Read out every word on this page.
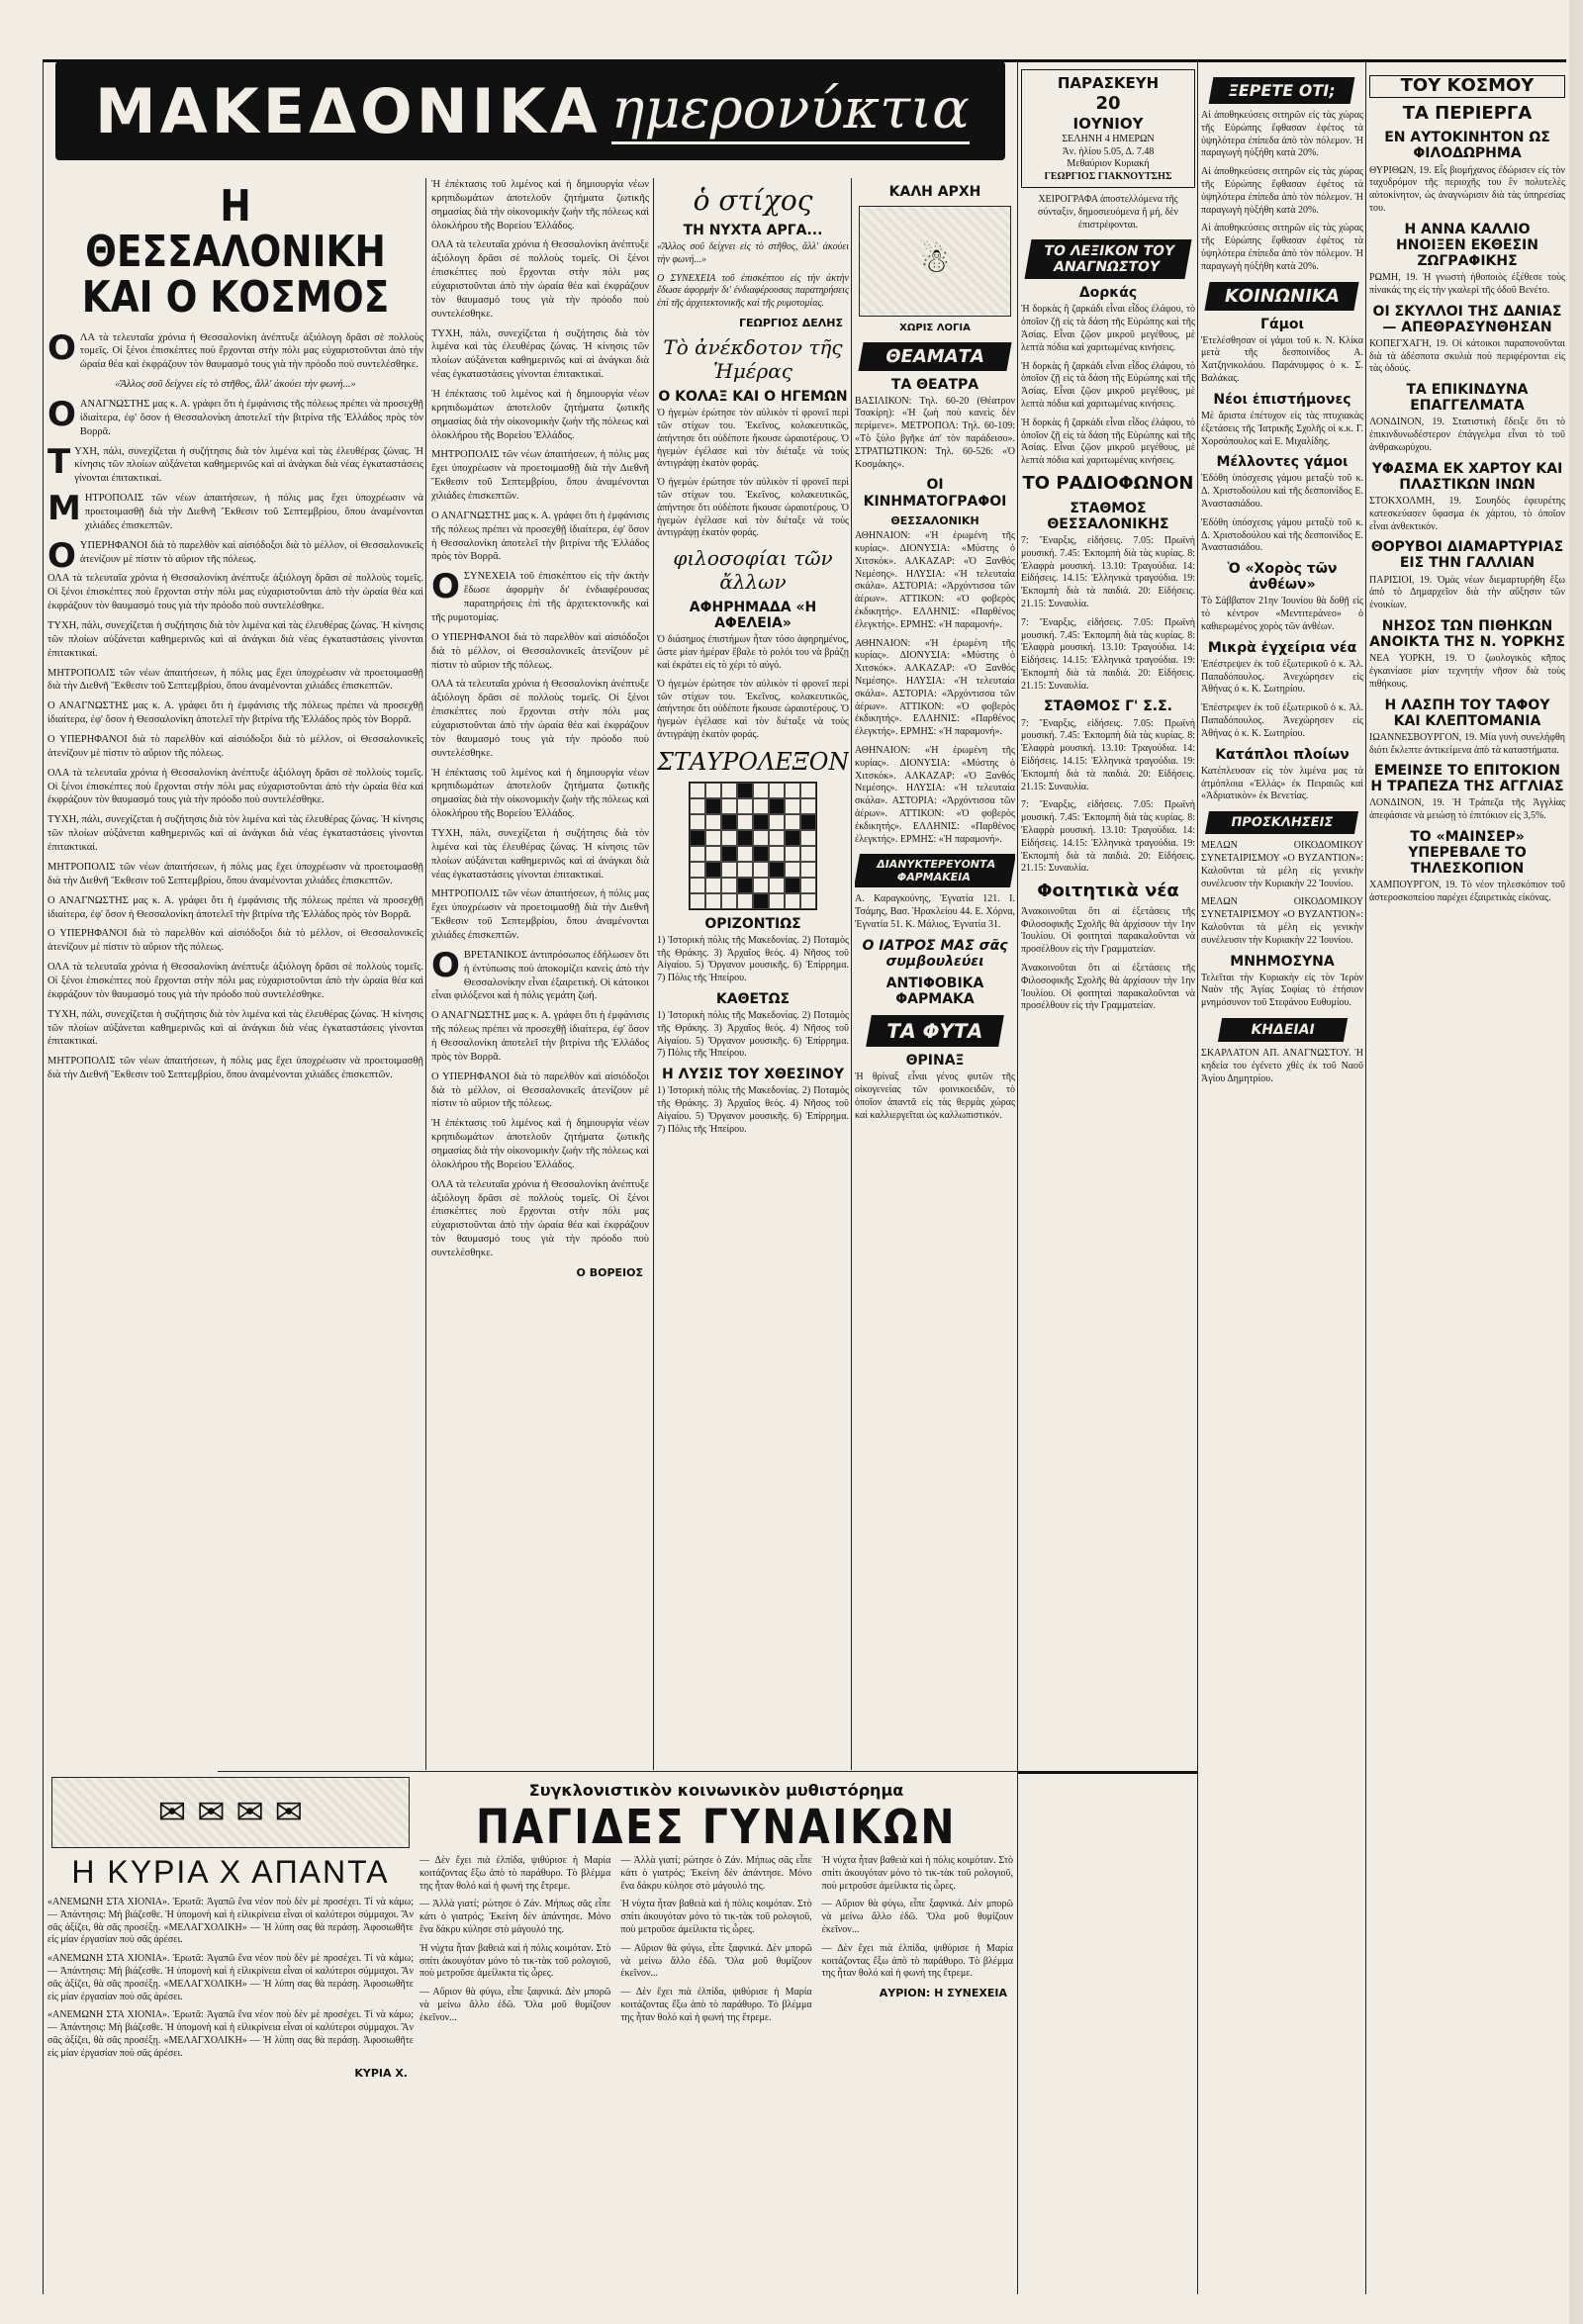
ΜΑΚΕΔΟΝΙΚΑ ημερονύκτια
Η ΘΕΣΣΑΛΟΝΙΚΗ ΚΑΙ Ο ΚΟΣΜΟΣ

ΟΛΑ τὰ τελευταῖα χρόνια ἡ Θεσσαλονίκη ἀνέπτυξε ἀξιόλογη δρᾶσι σὲ πολλοὺς τομεῖς. Οἱ ξένοι ἐπισκέπτες ποὺ ἔρχονται στὴν πόλι μας εὐχαριστοῦνται ἀπὸ τὴν ὡραία θέα καὶ ἐκφράζουν τὸν θαυμασμό τους γιὰ τὴν πρόοδο ποὺ συντελέσθηκε.

«Ἄλλος σοῦ δείχνει εἰς τὸ στῆθος, ἄλλ' ἀκούει τὴν φωνή...»

ΟΑΝΑΓΝΩΣΤΗΣ μας κ. Α. γράφει ὅτι ἡ ἐμφάνισις τῆς πόλεως πρέπει νὰ προσεχθῇ ἰδιαίτερα, ἐφ' ὅσον ἡ Θεσσαλονίκη ἀποτελεῖ τὴν βιτρίνα τῆς Ἑλλάδος πρὸς τὸν Βορρᾶ.

ΤΥΧΗ, πάλι, συνεχίζεται ἡ συζήτησις διὰ τὸν λιμένα καὶ τὰς ἐλευθέρας ζώνας. Ἡ κίνησις τῶν πλοίων αὐξάνεται καθημερινῶς καὶ αἱ ἀνάγκαι διὰ νέας ἐγκαταστάσεις γίνονται ἐπιτακτικαί.

ΜΗΤΡΟΠΟΛΙΣ τῶν νέων ἀπαιτήσεων, ἡ πόλις μας ἔχει ὑποχρέωσιν νὰ προετοιμασθῇ διὰ τὴν Διεθνῆ Ἔκθεσιν τοῦ Σεπτεμβρίου, ὅπου ἀναμένονται χιλιάδες ἐπισκεπτῶν.

ΟΥΠΕΡΗΦΑΝΟΙ διὰ τὸ παρελθὸν καὶ αἰσιόδοξοι διὰ τὸ μέλλον, οἱ Θεσσαλονικεῖς ἀτενίζουν μὲ πίστιν τὸ αὔριον τῆς πόλεως.

ΟΛΑ τὰ τελευταῖα χρόνια ἡ Θεσσαλονίκη ἀνέπτυξε ἀξιόλογη δρᾶσι σὲ πολλοὺς τομεῖς. Οἱ ξένοι ἐπισκέπτες ποὺ ἔρχονται στὴν πόλι μας εὐχαριστοῦνται ἀπὸ τὴν ὡραία θέα καὶ ἐκφράζουν τὸν θαυμασμό τους γιὰ τὴν πρόοδο ποὺ συντελέσθηκε.

ΤΥΧΗ, πάλι, συνεχίζεται ἡ συζήτησις διὰ τὸν λιμένα καὶ τὰς ἐλευθέρας ζώνας. Ἡ κίνησις τῶν πλοίων αὐξάνεται καθημερινῶς καὶ αἱ ἀνάγκαι διὰ νέας ἐγκαταστάσεις γίνονται ἐπιτακτικαί.

ΜΗΤΡΟΠΟΛΙΣ τῶν νέων ἀπαιτήσεων, ἡ πόλις μας ἔχει ὑποχρέωσιν νὰ προετοιμασθῇ διὰ τὴν Διεθνῆ Ἔκθεσιν τοῦ Σεπτεμβρίου, ὅπου ἀναμένονται χιλιάδες ἐπισκεπτῶν.

Ο ΑΝΑΓΝΩΣΤΗΣ μας κ. Α. γράφει ὅτι ἡ ἐμφάνισις τῆς πόλεως πρέπει νὰ προσεχθῇ ἰδιαίτερα, ἐφ' ὅσον ἡ Θεσσαλονίκη ἀποτελεῖ τὴν βιτρίνα τῆς Ἑλλάδος πρὸς τὸν Βορρᾶ.

Ο ΥΠΕΡΗΦΑΝΟΙ διὰ τὸ παρελθὸν καὶ αἰσιόδοξοι διὰ τὸ μέλλον, οἱ Θεσσαλονικεῖς ἀτενίζουν μὲ πίστιν τὸ αὔριον τῆς πόλεως.

ΟΛΑ τὰ τελευταῖα χρόνια ἡ Θεσσαλονίκη ἀνέπτυξε ἀξιόλογη δρᾶσι σὲ πολλοὺς τομεῖς. Οἱ ξένοι ἐπισκέπτες ποὺ ἔρχονται στὴν πόλι μας εὐχαριστοῦνται ἀπὸ τὴν ὡραία θέα καὶ ἐκφράζουν τὸν θαυμασμό τους γιὰ τὴν πρόοδο ποὺ συντελέσθηκε.

ΤΥΧΗ, πάλι, συνεχίζεται ἡ συζήτησις διὰ τὸν λιμένα καὶ τὰς ἐλευθέρας ζώνας. Ἡ κίνησις τῶν πλοίων αὐξάνεται καθημερινῶς καὶ αἱ ἀνάγκαι διὰ νέας ἐγκαταστάσεις γίνονται ἐπιτακτικαί.

ΜΗΤΡΟΠΟΛΙΣ τῶν νέων ἀπαιτήσεων, ἡ πόλις μας ἔχει ὑποχρέωσιν νὰ προετοιμασθῇ διὰ τὴν Διεθνῆ Ἔκθεσιν τοῦ Σεπτεμβρίου, ὅπου ἀναμένονται χιλιάδες ἐπισκεπτῶν.

Ο ΑΝΑΓΝΩΣΤΗΣ μας κ. Α. γράφει ὅτι ἡ ἐμφάνισις τῆς πόλεως πρέπει νὰ προσεχθῇ ἰδιαίτερα, ἐφ' ὅσον ἡ Θεσσαλονίκη ἀποτελεῖ τὴν βιτρίνα τῆς Ἑλλάδος πρὸς τὸν Βορρᾶ.

Ο ΥΠΕΡΗΦΑΝΟΙ διὰ τὸ παρελθὸν καὶ αἰσιόδοξοι διὰ τὸ μέλλον, οἱ Θεσσαλονικεῖς ἀτενίζουν μὲ πίστιν τὸ αὔριον τῆς πόλεως.

ΟΛΑ τὰ τελευταῖα χρόνια ἡ Θεσσαλονίκη ἀνέπτυξε ἀξιόλογη δρᾶσι σὲ πολλοὺς τομεῖς. Οἱ ξένοι ἐπισκέπτες ποὺ ἔρχονται στὴν πόλι μας εὐχαριστοῦνται ἀπὸ τὴν ὡραία θέα καὶ ἐκφράζουν τὸν θαυμασμό τους γιὰ τὴν πρόοδο ποὺ συντελέσθηκε.

ΤΥΧΗ, πάλι, συνεχίζεται ἡ συζήτησις διὰ τὸν λιμένα καὶ τὰς ἐλευθέρας ζώνας. Ἡ κίνησις τῶν πλοίων αὐξάνεται καθημερινῶς καὶ αἱ ἀνάγκαι διὰ νέας ἐγκαταστάσεις γίνονται ἐπιτακτικαί.

ΜΗΤΡΟΠΟΛΙΣ τῶν νέων ἀπαιτήσεων, ἡ πόλις μας ἔχει ὑποχρέωσιν νὰ προετοιμασθῇ διὰ τὴν Διεθνῆ Ἔκθεσιν τοῦ Σεπτεμβρίου, ὅπου ἀναμένονται χιλιάδες ἐπισκεπτῶν.

Ἡ ἐπέκτασις τοῦ λιμένος καὶ ἡ δημιουργία νέων κρηπιδωμάτων ἀποτελοῦν ζητήματα ζωτικῆς σημασίας διὰ τὴν οἰκονομικὴν ζωὴν τῆς πόλεως καὶ ὁλοκλήρου τῆς Βορείου Ἑλλάδος.

ΟΛΑ τὰ τελευταῖα χρόνια ἡ Θεσσαλονίκη ἀνέπτυξε ἀξιόλογη δρᾶσι σὲ πολλοὺς τομεῖς. Οἱ ξένοι ἐπισκέπτες ποὺ ἔρχονται στὴν πόλι μας εὐχαριστοῦνται ἀπὸ τὴν ὡραία θέα καὶ ἐκφράζουν τὸν θαυμασμό τους γιὰ τὴν πρόοδο ποὺ συντελέσθηκε.

ΤΥΧΗ, πάλι, συνεχίζεται ἡ συζήτησις διὰ τὸν λιμένα καὶ τὰς ἐλευθέρας ζώνας. Ἡ κίνησις τῶν πλοίων αὐξάνεται καθημερινῶς καὶ αἱ ἀνάγκαι διὰ νέας ἐγκαταστάσεις γίνονται ἐπιτακτικαί.

Ἡ ἐπέκτασις τοῦ λιμένος καὶ ἡ δημιουργία νέων κρηπιδωμάτων ἀποτελοῦν ζητήματα ζωτικῆς σημασίας διὰ τὴν οἰκονομικὴν ζωὴν τῆς πόλεως καὶ ὁλοκλήρου τῆς Βορείου Ἑλλάδος.

ΜΗΤΡΟΠΟΛΙΣ τῶν νέων ἀπαιτήσεων, ἡ πόλις μας ἔχει ὑποχρέωσιν νὰ προετοιμασθῇ διὰ τὴν Διεθνῆ Ἔκθεσιν τοῦ Σεπτεμβρίου, ὅπου ἀναμένονται χιλιάδες ἐπισκεπτῶν.

Ο ΑΝΑΓΝΩΣΤΗΣ μας κ. Α. γράφει ὅτι ἡ ἐμφάνισις τῆς πόλεως πρέπει νὰ προσεχθῇ ἰδιαίτερα, ἐφ' ὅσον ἡ Θεσσαλονίκη ἀποτελεῖ τὴν βιτρίνα τῆς Ἑλλάδος πρὸς τὸν Βορρᾶ.

ΟΣΥΝΕΧΕΙΑ τοῦ ἐπισκέπτου εἰς τὴν ἀκτὴν ἔδωσε ἀφορμὴν δι' ἐνδιαφέρουσας παρατηρήσεις ἐπὶ τῆς ἀρχιτεκτονικῆς καὶ τῆς ρυμοτομίας.

Ο ΥΠΕΡΗΦΑΝΟΙ διὰ τὸ παρελθὸν καὶ αἰσιόδοξοι διὰ τὸ μέλλον, οἱ Θεσσαλονικεῖς ἀτενίζουν μὲ πίστιν τὸ αὔριον τῆς πόλεως.

ΟΛΑ τὰ τελευταῖα χρόνια ἡ Θεσσαλονίκη ἀνέπτυξε ἀξιόλογη δρᾶσι σὲ πολλοὺς τομεῖς. Οἱ ξένοι ἐπισκέπτες ποὺ ἔρχονται στὴν πόλι μας εὐχαριστοῦνται ἀπὸ τὴν ὡραία θέα καὶ ἐκφράζουν τὸν θαυμασμό τους γιὰ τὴν πρόοδο ποὺ συντελέσθηκε.

Ἡ ἐπέκτασις τοῦ λιμένος καὶ ἡ δημιουργία νέων κρηπιδωμάτων ἀποτελοῦν ζητήματα ζωτικῆς σημασίας διὰ τὴν οἰκονομικὴν ζωὴν τῆς πόλεως καὶ ὁλοκλήρου τῆς Βορείου Ἑλλάδος.

ΤΥΧΗ, πάλι, συνεχίζεται ἡ συζήτησις διὰ τὸν λιμένα καὶ τὰς ἐλευθέρας ζώνας. Ἡ κίνησις τῶν πλοίων αὐξάνεται καθημερινῶς καὶ αἱ ἀνάγκαι διὰ νέας ἐγκαταστάσεις γίνονται ἐπιτακτικαί.

ΜΗΤΡΟΠΟΛΙΣ τῶν νέων ἀπαιτήσεων, ἡ πόλις μας ἔχει ὑποχρέωσιν νὰ προετοιμασθῇ διὰ τὴν Διεθνῆ Ἔκθεσιν τοῦ Σεπτεμβρίου, ὅπου ἀναμένονται χιλιάδες ἐπισκεπτῶν.

ΟΒΡΕΤΑΝΙΚΟΣ ἀντιπρόσωπος ἐδήλωσεν ὅτι ἡ ἐντύπωσις ποὺ ἀποκομίζει κανεὶς ἀπὸ τὴν Θεσσαλονίκην εἶναι ἐξαιρετική. Οἱ κάτοικοι εἶναι φιλόξενοι καὶ ἡ πόλις γεμάτη ζωή.

Ο ΑΝΑΓΝΩΣΤΗΣ μας κ. Α. γράφει ὅτι ἡ ἐμφάνισις τῆς πόλεως πρέπει νὰ προσεχθῇ ἰδιαίτερα, ἐφ' ὅσον ἡ Θεσσαλονίκη ἀποτελεῖ τὴν βιτρίνα τῆς Ἑλλάδος πρὸς τὸν Βορρᾶ.

Ο ΥΠΕΡΗΦΑΝΟΙ διὰ τὸ παρελθὸν καὶ αἰσιόδοξοι διὰ τὸ μέλλον, οἱ Θεσσαλονικεῖς ἀτενίζουν μὲ πίστιν τὸ αὔριον τῆς πόλεως.

Ἡ ἐπέκτασις τοῦ λιμένος καὶ ἡ δημιουργία νέων κρηπιδωμάτων ἀποτελοῦν ζητήματα ζωτικῆς σημασίας διὰ τὴν οἰκονομικὴν ζωὴν τῆς πόλεως καὶ ὁλοκλήρου τῆς Βορείου Ἑλλάδος.

ΟΛΑ τὰ τελευταῖα χρόνια ἡ Θεσσαλονίκη ἀνέπτυξε ἀξιόλογη δρᾶσι σὲ πολλοὺς τομεῖς. Οἱ ξένοι ἐπισκέπτες ποὺ ἔρχονται στὴν πόλι μας εὐχαριστοῦνται ἀπὸ τὴν ὡραία θέα καὶ ἐκφράζουν τὸν θαυμασμό τους γιὰ τὴν πρόοδο ποὺ συντελέσθηκε.

Ο ΒΟΡΕΙΟΣ
ὁ στίχος
ΤΗ ΝΥΧΤΑ ΑΡΓΑ...

«Ἄλλος σοῦ δείχνει εἰς τὸ στῆθος, ἄλλ' ἀκούει τὴν φωνή...»

Ο ΣΥΝΕΧΕΙΑ τοῦ ἐπισκέπτου εἰς τὴν ἀκτὴν ἔδωσε ἀφορμὴν δι' ἐνδιαφέρουσας παρατηρήσεις ἐπὶ τῆς ἀρχιτεκτονικῆς καὶ τῆς ρυμοτομίας.

ΓΕΩΡΓΙΟΣ ΔΕΛΗΣ
Τὸ ἀνέκδοτον τῆς Ἡμέρας
Ο ΚΟΛΑΞ ΚΑΙ Ο ΗΓΕΜΩΝ

Ὁ ἡγεμὼν ἐρώτησε τὸν αὐλικὸν τί φρονεῖ περὶ τῶν στίχων του. Ἐκεῖνος, κολακευτικῶς, ἀπήντησε ὅτι οὐδέποτε ἤκουσε ὡραιοτέρους. Ὁ ἡγεμὼν ἐγέλασε καὶ τὸν διέταξε νὰ τοὺς ἀντιγράψῃ ἑκατὸν φοράς.

Ὁ ἡγεμὼν ἐρώτησε τὸν αὐλικὸν τί φρονεῖ περὶ τῶν στίχων του. Ἐκεῖνος, κολακευτικῶς, ἀπήντησε ὅτι οὐδέποτε ἤκουσε ὡραιοτέρους. Ὁ ἡγεμὼν ἐγέλασε καὶ τὸν διέταξε νὰ τοὺς ἀντιγράψῃ ἑκατὸν φοράς.

φιλοσοφίαι τῶν ἄλλων
ΑΦΗΡΗΜΑΔΑ «Η ΑΦΕΛΕΙΑ»

Ὁ διάσημος ἐπιστήμων ἦταν τόσο ἀφηρημένος, ὥστε μίαν ἡμέραν ἔβαλε τὸ ρολόι του νὰ βράζῃ καὶ ἐκράτει εἰς τὸ χέρι τὸ αὐγό.

Ὁ ἡγεμὼν ἐρώτησε τὸν αὐλικὸν τί φρονεῖ περὶ τῶν στίχων του. Ἐκεῖνος, κολακευτικῶς, ἀπήντησε ὅτι οὐδέποτε ἤκουσε ὡραιοτέρους. Ὁ ἡγεμὼν ἐγέλασε καὶ τὸν διέταξε νὰ τοὺς ἀντιγράψῃ ἑκατὸν φοράς.

ΣΤΑΥΡΟΛΕΞΟΝ
ΟΡΙΖΟΝΤΙΩΣ

1) Ἱστορικὴ πόλις τῆς Μακεδονίας. 2) Ποταμὸς τῆς Θράκης. 3) Ἀρχαῖος θεός. 4) Νῆσος τοῦ Αἰγαίου. 5) Ὄργανον μουσικῆς. 6) Ἐπίρρημα. 7) Πόλις τῆς Ἠπείρου.

ΚΑΘΕΤΩΣ

1) Ἱστορικὴ πόλις τῆς Μακεδονίας. 2) Ποταμὸς τῆς Θράκης. 3) Ἀρχαῖος θεός. 4) Νῆσος τοῦ Αἰγαίου. 5) Ὄργανον μουσικῆς. 6) Ἐπίρρημα. 7) Πόλις τῆς Ἠπείρου.

Η ΛΥΣΙΣ ΤΟΥ ΧΘΕΣΙΝΟΥ

1) Ἱστορικὴ πόλις τῆς Μακεδονίας. 2) Ποταμὸς τῆς Θράκης. 3) Ἀρχαῖος θεός. 4) Νῆσος τοῦ Αἰγαίου. 5) Ὄργανον μουσικῆς. 6) Ἐπίρρημα. 7) Πόλις τῆς Ἠπείρου.

ΚΑΛΗ ΑΡΧΗ
☃
ΧΩΡΙΣ ΛΟΓΙΑ
ΘΕΑΜΑΤΑ
ΤΑ ΘΕΑΤΡΑ

ΒΑΣΙΛΙΚΟΝ: Τηλ. 60-20 (Θέατρον Τσακίρη): «Ἡ ζωὴ ποὺ κανεὶς δὲν περίμενε». ΜΕΤΡΟΠΟΛ: Τηλ. 60-109: «Τὸ ξύλο βγῆκε ἀπ' τὸν παράδεισο». ΣΤΡΑΤΙΩΤΙΚΟΝ: Τηλ. 60-526: «Ὁ Κοσμάκης».

ΟΙ ΚΙΝΗΜΑΤΟΓΡΑΦΟΙ
ΘΕΣΣΑΛΟΝΙΚΗ

ΑΘΗΝΑΙΟΝ: «Ἡ ἐρωμένη τῆς κυρίας». ΔΙΟΝΥΣΙΑ: «Μύστης ὁ Χιτσκόκ». ΑΛΚΑΖΑΡ: «Ὁ Ξανθός Νεμέσης». ΗΛΥΣΙΑ: «Ἡ τελευταία σκάλα». ΑΣΤΟΡΙΑ: «Ἀρχόντισσα τῶν ἀέρων». ΑΤΤΙΚΟΝ: «Ὁ φοβερὸς ἐκδικητής». ΕΛΛΗΝΙΣ: «Παρθένος ἐλεγκτής». ΕΡΜΗΣ: «Ἡ παραμονή».

ΑΘΗΝΑΙΟΝ: «Ἡ ἐρωμένη τῆς κυρίας». ΔΙΟΝΥΣΙΑ: «Μύστης ὁ Χιτσκόκ». ΑΛΚΑΖΑΡ: «Ὁ Ξανθός Νεμέσης». ΗΛΥΣΙΑ: «Ἡ τελευταία σκάλα». ΑΣΤΟΡΙΑ: «Ἀρχόντισσα τῶν ἀέρων». ΑΤΤΙΚΟΝ: «Ὁ φοβερὸς ἐκδικητής». ΕΛΛΗΝΙΣ: «Παρθένος ἐλεγκτής». ΕΡΜΗΣ: «Ἡ παραμονή».

ΑΘΗΝΑΙΟΝ: «Ἡ ἐρωμένη τῆς κυρίας». ΔΙΟΝΥΣΙΑ: «Μύστης ὁ Χιτσκόκ». ΑΛΚΑΖΑΡ: «Ὁ Ξανθός Νεμέσης». ΗΛΥΣΙΑ: «Ἡ τελευταία σκάλα». ΑΣΤΟΡΙΑ: «Ἀρχόντισσα τῶν ἀέρων». ΑΤΤΙΚΟΝ: «Ὁ φοβερὸς ἐκδικητής». ΕΛΛΗΝΙΣ: «Παρθένος ἐλεγκτής». ΕΡΜΗΣ: «Ἡ παραμονή».

ΔΙΑΝΥΚΤΕΡΕΥΟΝΤΑ ΦΑΡΜΑΚΕΙΑ

Α. Καραγκούνης, Ἐγνατία 121. Ι. Τσάμης, Βασ. Ἡρακλείου 44. Ε. Χόρνα, Ἐγνατία 51. Κ. Μάλιος, Ἐγνατία 31.

Ο ΙΑΤΡΟΣ ΜΑΣ σᾶς συμβουλεύει
ΑΝΤΙΦΟΒΙΚΑ ΦΑΡΜΑΚΑ
ΤΑ ΦΥΤΑ
ΘΡΙΝΑΞ

Ἡ θρίναξ εἶναι γένος φυτῶν τῆς οἰκογενείας τῶν φοινικοειδῶν, τὸ ὁποῖον ἀπαντᾶ εἰς τὰς θερμὰς χώρας καὶ καλλιεργεῖται ὡς καλλωπιστικόν.

ΠΑΡΑΣΚΕΥΗ
20
ΙΟΥΝΙΟΥ
ΣΕΛΗΝΗ 4 ΗΜΕΡΩΝ
Ἀν. ἡλίου 5.05, Δ. 7.48
Μεθαύριον Κυριακή
ΓΕΩΡΓΙΟΣ ΓΙΑΚΝΟΥΤΣΗΣ

ΧΕΙΡΟΓΡΑΦΑ ἀποστελλόμενα τῆς σύνταξιν, δημοσιευόμενα ἢ μή, δὲν ἐπιστρέφονται.

ΤΟ ΛΕΞΙΚΟΝ ΤΟΥ ΑΝΑΓΝΩΣΤΟΥ
Δορκάς

Ἡ δορκὰς ἢ ζαρκάδι εἶναι εἶδος ἐλάφου, τὸ ὁποῖον ζῇ εἰς τὰ δάση τῆς Εὐρώπης καὶ τῆς Ἀσίας. Εἶναι ζῷον μικροῦ μεγέθους, μὲ λεπτὰ πόδια καὶ χαριτωμένας κινήσεις.

Ἡ δορκὰς ἢ ζαρκάδι εἶναι εἶδος ἐλάφου, τὸ ὁποῖον ζῇ εἰς τὰ δάση τῆς Εὐρώπης καὶ τῆς Ἀσίας. Εἶναι ζῷον μικροῦ μεγέθους, μὲ λεπτὰ πόδια καὶ χαριτωμένας κινήσεις.

Ἡ δορκὰς ἢ ζαρκάδι εἶναι εἶδος ἐλάφου, τὸ ὁποῖον ζῇ εἰς τὰ δάση τῆς Εὐρώπης καὶ τῆς Ἀσίας. Εἶναι ζῷον μικροῦ μεγέθους, μὲ λεπτὰ πόδια καὶ χαριτωμένας κινήσεις.

ΤΟ ΡΑΔΙΟΦΩΝΟΝ
ΣΤΑΘΜΟΣ ΘΕΣΣΑΛΟΝΙΚΗΣ

7: Ἔναρξις, εἰδήσεις. 7.05: Πρωϊνὴ μουσική. 7.45: Ἐκπομπὴ διὰ τὰς κυρίας. 8: Ἐλαφρὰ μουσική. 13.10: Τραγούδια. 14: Εἰδήσεις. 14.15: Ἐλληνικὰ τραγούδια. 19: Ἐκπομπὴ διὰ τὰ παιδιά. 20: Εἰδήσεις. 21.15: Συναυλία.

7: Ἔναρξις, εἰδήσεις. 7.05: Πρωϊνὴ μουσική. 7.45: Ἐκπομπὴ διὰ τὰς κυρίας. 8: Ἐλαφρὰ μουσική. 13.10: Τραγούδια. 14: Εἰδήσεις. 14.15: Ἐλληνικὰ τραγούδια. 19: Ἐκπομπὴ διὰ τὰ παιδιά. 20: Εἰδήσεις. 21.15: Συναυλία.

ΣΤΑΘΜΟΣ Γ' Σ.Σ.

7: Ἔναρξις, εἰδήσεις. 7.05: Πρωϊνὴ μουσική. 7.45: Ἐκπομπὴ διὰ τὰς κυρίας. 8: Ἐλαφρὰ μουσική. 13.10: Τραγούδια. 14: Εἰδήσεις. 14.15: Ἐλληνικὰ τραγούδια. 19: Ἐκπομπὴ διὰ τὰ παιδιά. 20: Εἰδήσεις. 21.15: Συναυλία.

7: Ἔναρξις, εἰδήσεις. 7.05: Πρωϊνὴ μουσική. 7.45: Ἐκπομπὴ διὰ τὰς κυρίας. 8: Ἐλαφρὰ μουσική. 13.10: Τραγούδια. 14: Εἰδήσεις. 14.15: Ἐλληνικὰ τραγούδια. 19: Ἐκπομπὴ διὰ τὰ παιδιά. 20: Εἰδήσεις. 21.15: Συναυλία.

Φοιτητικὰ νέα

Ἀνακοινοῦται ὅτι αἱ ἐξετάσεις τῆς Φιλοσοφικῆς Σχολῆς θὰ ἀρχίσουν τὴν 1ην Ἰουλίου. Οἱ φοιτηταὶ παρακαλοῦνται νὰ προσέλθουν εἰς τὴν Γραμματείαν.

Ἀνακοινοῦται ὅτι αἱ ἐξετάσεις τῆς Φιλοσοφικῆς Σχολῆς θὰ ἀρχίσουν τὴν 1ην Ἰουλίου. Οἱ φοιτηταὶ παρακαλοῦνται νὰ προσέλθουν εἰς τὴν Γραμματείαν.

ΞΕΡΕΤΕ ΟΤΙ;

Αἱ ἀποθηκεύσεις σιτηρῶν εἰς τὰς χώρας τῆς Εὐρώπης ἔφθασαν ἐφέτος τὰ ὑψηλότερα ἐπίπεδα ἀπὸ τὸν πόλεμον. Ἡ παραγωγὴ ηὐξήθη κατὰ 20%.

Αἱ ἀποθηκεύσεις σιτηρῶν εἰς τὰς χώρας τῆς Εὐρώπης ἔφθασαν ἐφέτος τὰ ὑψηλότερα ἐπίπεδα ἀπὸ τὸν πόλεμον. Ἡ παραγωγὴ ηὐξήθη κατὰ 20%.

Αἱ ἀποθηκεύσεις σιτηρῶν εἰς τὰς χώρας τῆς Εὐρώπης ἔφθασαν ἐφέτος τὰ ὑψηλότερα ἐπίπεδα ἀπὸ τὸν πόλεμον. Ἡ παραγωγὴ ηὐξήθη κατὰ 20%.

ΚΟΙΝΩΝΙΚΑ
Γάμοι

Ἐτελέσθησαν οἱ γάμοι τοῦ κ. Ν. Κλίκα μετὰ τῆς δεσποινίδος Α. Χατζηνικολάου. Παράνυμφος ὁ κ. Σ. Βαλάκας.

Νέοι ἐπιστήμονες

Μὲ ἄριστα ἐπέτυχον εἰς τὰς πτυχιακὰς ἐξετάσεις τῆς Ἰατρικῆς Σχολῆς οἱ κ.κ. Γ. Χορσόπουλος καὶ Ε. Μιχαλίδης.

Μέλλοντες γάμοι

Ἐδόθη ὑπόσχεσις γάμου μεταξὺ τοῦ κ. Δ. Χριστοδούλου καὶ τῆς δεσποινίδος Ε. Ἀναστασιάδου.

Ἐδόθη ὑπόσχεσις γάμου μεταξὺ τοῦ κ. Δ. Χριστοδούλου καὶ τῆς δεσποινίδος Ε. Ἀναστασιάδου.

Ὁ «Χορὸς τῶν ἀνθέων»

Τὸ Σάββατον 21ην Ἰουνίου θὰ δοθῇ εἰς τὸ κέντρον «Μεντιτεράνεο» ὁ καθιερωμένος χορὸς τῶν ἀνθέων.

Μικρὰ ἐγχείρια νέα

Ἐπέστρεψεν ἐκ τοῦ ἐξωτερικοῦ ὁ κ. Ἀλ. Παπαδόπουλος. Ἀνεχώρησεν εἰς Ἀθήνας ὁ κ. Κ. Σωτηρίου.

Ἐπέστρεψεν ἐκ τοῦ ἐξωτερικοῦ ὁ κ. Ἀλ. Παπαδόπουλος. Ἀνεχώρησεν εἰς Ἀθήνας ὁ κ. Κ. Σωτηρίου.

Κατάπλοι πλοίων

Κατέπλευσαν εἰς τὸν λιμένα μας τὰ ἀτμόπλοια «Ἑλλάς» ἐκ Πειραιῶς καὶ «Ἀδριατικὸν» ἐκ Βενετίας.

ΠΡΟΣΚΛΗΣΕΙΣ

ΜΕΛΩΝ ΟΙΚΟΔΟΜΙΚΟΥ ΣΥΝΕΤΑΙΡΙΣΜΟΥ «Ο ΒΥΖΑΝΤΙΟΝ»: Καλοῦνται τὰ μέλη εἰς γενικὴν συνέλευσιν τὴν Κυριακὴν 22 Ἰουνίου.

ΜΕΛΩΝ ΟΙΚΟΔΟΜΙΚΟΥ ΣΥΝΕΤΑΙΡΙΣΜΟΥ «Ο ΒΥΖΑΝΤΙΟΝ»: Καλοῦνται τὰ μέλη εἰς γενικὴν συνέλευσιν τὴν Κυριακὴν 22 Ἰουνίου.

ΜΝΗΜΟΣΥΝΑ

Τελεῖται τὴν Κυριακὴν εἰς τὸν Ἱερὸν Ναὸν τῆς Ἁγίας Σοφίας τὸ ἐτήσιον μνημόσυνον τοῦ Στεφάνου Ευθυμίου.

ΚΗΔΕΙΑΙ

ΣΚΑΡΛΑΤΟΝ ΑΠ. ΑΝΑΓΝΩΣΤΟΥ. Ἡ κηδεία του ἐγένετο χθὲς ἐκ τοῦ Ναοῦ Ἁγίου Δημητρίου.

ΤΟΥ ΚΟΣΜΟΥ
ΤΑ ΠΕΡΙΕΡΓΑ
ΕΝ ΑΥΤΟΚΙΝΗΤΟΝ ΩΣ ΦΙΛΟΔΩΡΗΜΑ

ΘΥΡΙΘΩΝ, 19. Εἷς βιομήχανος ἐδώρισεν εἰς τὸν ταχυδρόμον τῆς περιοχῆς του ἓν πολυτελὲς αὐτοκίνητον, ὡς ἀναγνώρισιν διὰ τὰς ὑπηρεσίας του.

Η ΑΝΝΑ ΚΑΛΛΙΟ ΗΝΟΙΞΕΝ ΕΚΘΕΣΙΝ ΖΩΓΡΑΦΙΚΗΣ

ΡΩΜΗ, 19. Ἡ γνωστὴ ἠθοποιὸς ἐξέθεσε τοὺς πίνακάς της εἰς τὴν γκαλερὶ τῆς ὁδοῦ Βενέτο.

ΟΙ ΣΚΥΛΛΟΙ ΤΗΣ ΔΑΝΙΑΣ — ΑΠΕΘΡΑΣΥΝΘΗΣΑΝ

ΚΟΠΕΓΧΑΓΗ, 19. Οἱ κάτοικοι παραπονοῦνται διὰ τὰ ἀδέσποτα σκυλιὰ ποὺ περιφέρονται εἰς τὰς ὁδούς.

ΤΑ ΕΠΙΚΙΝΔΥΝΑ ΕΠΑΓΓΕΛΜΑΤΑ

ΛΟΝΔΙΝΟΝ, 19. Στατιστικὴ ἔδειξε ὅτι τὸ ἐπικινδυνωδέστερον ἐπάγγελμα εἶναι τὸ τοῦ ἀνθρακωρύχου.

ΥΦΑΣΜΑ ΕΚ ΧΑΡΤΟΥ ΚΑΙ ΠΛΑΣΤΙΚΩΝ ΙΝΩΝ

ΣΤΟΚΧΟΛΜΗ, 19. Σουηδὸς ἐφευρέτης κατεσκεύασεν ὕφασμα ἐκ χάρτου, τὸ ὁποῖον εἶναι ἀνθεκτικόν.

ΘΟΡΥΒΟΙ ΔΙΑΜΑΡΤΥΡΙΑΣ ΕΙΣ ΤΗΝ ΓΑΛΛΙΑΝ

ΠΑΡΙΣΙΟΙ, 19. Ὁμὰς νέων διεμαρτυρήθη ἔξω ἀπὸ τὸ Δημαρχεῖον διὰ τὴν αὔξησιν τῶν ἐνοικίων.

ΝΗΣΟΣ ΤΩΝ ΠΙΘΗΚΩΝ ΑΝΟΙΚΤΑ ΤΗΣ Ν. ΥΟΡΚΗΣ

ΝΕΑ ΥΟΡΚΗ, 19. Ὁ ζωολογικὸς κῆπος ἐγκαινίασε μίαν τεχνητὴν νῆσον διὰ τοὺς πιθήκους.

Η ΛΑΣΠΗ ΤΟΥ ΤΑΦΟΥ ΚΑΙ ΚΛΕΠΤΟΜΑΝΙΑ

ΙΩΑΝΝΕΣΒΟΥΡΓΟΝ, 19. Μία γυνὴ συνελήφθη διότι ἔκλεπτε ἀντικείμενα ἀπὸ τὰ καταστήματα.

ΕΜΕΙΝΣΕ ΤΟ ΕΠΙΤΟΚΙΟΝ Η ΤΡΑΠΕΖΑ ΤΗΣ ΑΓΓΛΙΑΣ

ΛΟΝΔΙΝΟΝ, 19. Ἡ Τράπεζα τῆς Ἀγγλίας ἀπεφάσισε νὰ μειώσῃ τὸ ἐπιτόκιον εἰς 3,5%.

ΤΟ «ΜΑΙΝΣΕΡ» ΥΠΕΡΕΒΑΛΕ ΤΟ ΤΗΛΕΣΚΟΠΙΟΝ

ΧΑΜΠΟΥΡΓΟΝ, 19. Τὸ νέον τηλεσκόπιον τοῦ ἀστεροσκοπείου παρέχει ἐξαιρετικὰς εἰκόνας.

✉ ✉ ✉ ✉
Η ΚΥΡΙΑ Χ ΑΠΑΝΤΑ

«ΑΝΕΜΩΝΗ ΣΤΑ ΧΙΟΝΙΑ». Ἐρωτᾶ: Ἀγαπῶ ἕνα νέον ποὺ δὲν μὲ προσέχει. Τί νὰ κάμω; — Ἀπάντησις: Μὴ βιάζεσθε. Ἡ ὑπομονὴ καὶ ἡ εἰλικρίνεια εἶναι οἱ καλύτεροι σύμμαχοι. Ἂν σᾶς ἀξίζει, θὰ σᾶς προσέξῃ. «ΜΕΛΑΓΧΟΛΙΚΗ» — Ἡ λύπη σας θὰ περάσῃ. Ἀφοσιωθῆτε εἰς μίαν ἐργασίαν ποὺ σᾶς ἀρέσει.

«ΑΝΕΜΩΝΗ ΣΤΑ ΧΙΟΝΙΑ». Ἐρωτᾶ: Ἀγαπῶ ἕνα νέον ποὺ δὲν μὲ προσέχει. Τί νὰ κάμω; — Ἀπάντησις: Μὴ βιάζεσθε. Ἡ ὑπομονὴ καὶ ἡ εἰλικρίνεια εἶναι οἱ καλύτεροι σύμμαχοι. Ἂν σᾶς ἀξίζει, θὰ σᾶς προσέξῃ. «ΜΕΛΑΓΧΟΛΙΚΗ» — Ἡ λύπη σας θὰ περάσῃ. Ἀφοσιωθῆτε εἰς μίαν ἐργασίαν ποὺ σᾶς ἀρέσει.

«ΑΝΕΜΩΝΗ ΣΤΑ ΧΙΟΝΙΑ». Ἐρωτᾶ: Ἀγαπῶ ἕνα νέον ποὺ δὲν μὲ προσέχει. Τί νὰ κάμω; — Ἀπάντησις: Μὴ βιάζεσθε. Ἡ ὑπομονὴ καὶ ἡ εἰλικρίνεια εἶναι οἱ καλύτεροι σύμμαχοι. Ἂν σᾶς ἀξίζει, θὰ σᾶς προσέξῃ. «ΜΕΛΑΓΧΟΛΙΚΗ» — Ἡ λύπη σας θὰ περάσῃ. Ἀφοσιωθῆτε εἰς μίαν ἐργασίαν ποὺ σᾶς ἀρέσει.

ΚΥΡΙΑ Χ.
Συγκλονιστικὸν κοινωνικὸν μυθιστόρημα
ΠΑΓΙΔΕΣ ΓΥΝΑΙΚΩΝ

— Δὲν ἔχει πιὰ ἐλπίδα, ψιθύρισε ἡ Μαρία κοιτάζοντας ἔξω ἀπὸ τὸ παράθυρο. Τὸ βλέμμα της ἦταν θολό καὶ ἡ φωνή της ἔτρεμε.

— Ἀλλὰ γιατί; ρώτησε ὁ Ζάν. Μήπως σᾶς εἶπε κάτι ὁ γιατρός; Ἐκείνη δὲν ἀπάντησε. Μόνο ἕνα δάκρυ κύλησε στὸ μάγουλό της.

Ἡ νύχτα ἦταν βαθειὰ καὶ ἡ πόλις κοιμόταν. Στὸ σπίτι ἀκουγόταν μόνο τὸ τικ-τὰκ τοῦ ρολογιοῦ, ποὺ μετροῦσε ἀμείλικτα τὶς ὧρες.

— Αὔριον θὰ φύγω, εἶπε ξαφνικά. Δὲν μπορῶ νὰ μείνω ἄλλο ἐδῶ. Ὅλα μοῦ θυμίζουν ἐκεῖνον...

— Ἀλλὰ γιατί; ρώτησε ὁ Ζάν. Μήπως σᾶς εἶπε κάτι ὁ γιατρός; Ἐκείνη δὲν ἀπάντησε. Μόνο ἕνα δάκρυ κύλησε στὸ μάγουλό της.

Ἡ νύχτα ἦταν βαθειὰ καὶ ἡ πόλις κοιμόταν. Στὸ σπίτι ἀκουγόταν μόνο τὸ τικ-τὰκ τοῦ ρολογιοῦ, ποὺ μετροῦσε ἀμείλικτα τὶς ὧρες.

— Αὔριον θὰ φύγω, εἶπε ξαφνικά. Δὲν μπορῶ νὰ μείνω ἄλλο ἐδῶ. Ὅλα μοῦ θυμίζουν ἐκεῖνον...

— Δὲν ἔχει πιὰ ἐλπίδα, ψιθύρισε ἡ Μαρία κοιτάζοντας ἔξω ἀπὸ τὸ παράθυρο. Τὸ βλέμμα της ἦταν θολό καὶ ἡ φωνή της ἔτρεμε.

Ἡ νύχτα ἦταν βαθειὰ καὶ ἡ πόλις κοιμόταν. Στὸ σπίτι ἀκουγόταν μόνο τὸ τικ-τὰκ τοῦ ρολογιοῦ, ποὺ μετροῦσε ἀμείλικτα τὶς ὧρες.

— Αὔριον θὰ φύγω, εἶπε ξαφνικά. Δὲν μπορῶ νὰ μείνω ἄλλο ἐδῶ. Ὅλα μοῦ θυμίζουν ἐκεῖνον...

— Δὲν ἔχει πιὰ ἐλπίδα, ψιθύρισε ἡ Μαρία κοιτάζοντας ἔξω ἀπὸ τὸ παράθυρο. Τὸ βλέμμα της ἦταν θολό καὶ ἡ φωνή της ἔτρεμε.

ΑΥΡΙΟΝ: Η ΣΥΝΕΧΕΙΑ
